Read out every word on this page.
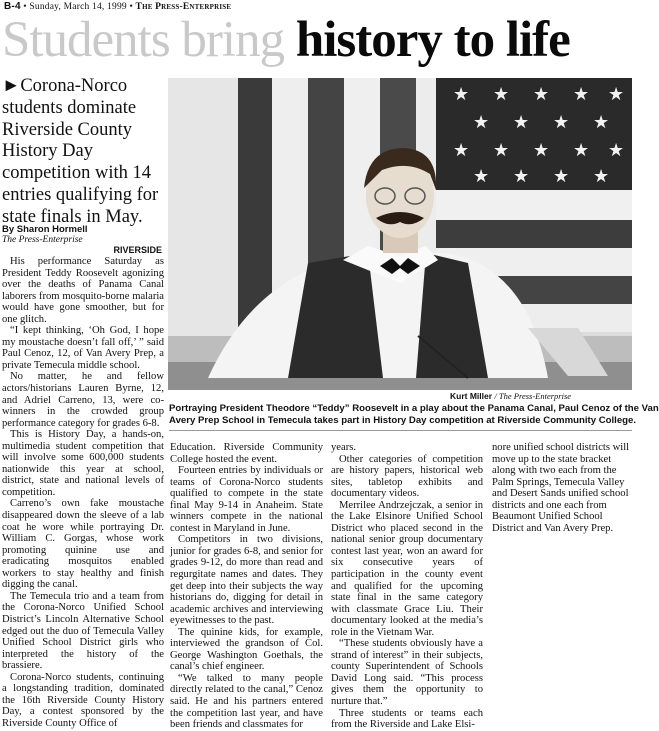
B-4 • Sunday, March 14, 1999 • The Press-Enterprise
Students bring history to life
►Corona-Norco students dominate Riverside County History Day competition with 14 entries qualifying for state finals in May.
By Sharon Hormell
The Press-Enterprise
RIVERSIDE

His performance Saturday as President Teddy Roosevelt agonizing over the deaths of Panama Canal laborers from mosquito-borne malaria would have gone smoother, but for one glitch.

“I kept thinking, ‘Oh God, I hope my moustache doesn’t fall off,’ ” said Paul Cenoz, 12, of Van Avery Prep, a private Temecula middle school.

No matter, he and fellow actors/historians Lauren Byrne, 12, and Adriel Carreno, 13, were co-winners in the crowded group performance category for grades 6-8.

This is History Day, a hands-on, multimedia student competition that will involve some 600,000 students nationwide this year at school, district, state and national levels of competition.

Carreno’s own fake moustache disappeared down the sleeve of a lab coat he wore while portraying Dr. William C. Gorgas, whose work promoting quinine use and eradicating mosquitos enabled workers to stay healthy and finish digging the canal.

The Temecula trio and a team from the Corona-Norco Unified School District’s Lincoln Alternative School edged out the duo of Temecula Valley Unified School District girls who interpreted the history of the brassiere.

Corona-Norco students, continuing a longstanding tradition, dominated the 16th Riverside County History Day, a contest sponsored by the Riverside County Office of

★ ★ ★ ★ ★
★ ★ ★ ★
★ ★ ★ ★ ★
★ ★ ★ ★
Kurt Miller / The Press-Enterprise
Portraying President Theodore “Teddy” Roosevelt in a play about the Panama Canal, Paul Cenoz of the Van
Avery Prep School in Temecula takes part in History Day competition at Riverside Community College.

Education. Riverside Community College hosted the event.

Fourteen entries by individuals or teams of Corona-Norco students qualified to compete in the state final May 9-14 in Anaheim. State winners compete in the national contest in Maryland in June.

Competitors in two divisions, junior for grades 6-8, and senior for grades 9-12, do more than read and regurgitate names and dates. They get deep into their subjects the way historians do, digging for detail in academic archives and interviewing eyewitnesses to the past.

The quinine kids, for example, interviewed the grandson of Col. George Washington Goethals, the canal’s chief engineer.

“We talked to many people directly related to the canal,” Cenoz said. He and his partners entered the competition last year, and have been friends and classmates for

years.

Other categories of competition are history papers, historical web sites, tabletop exhibits and documentary videos.

Merrilee Andrzejczak, a senior in the Lake Elsinore Unified School District who placed second in the national senior group documentary contest last year, won an award for six consecutive years of participation in the county event and qualified for the upcoming state final in the same category with classmate Grace Liu. Their documentary looked at the media’s role in the Vietnam War.

“These students obviously have a strand of interest” in their subjects, county Superintendent of Schools David Long said. “This process gives them the opportunity to nurture that.”

Three students or teams each from the Riverside and Lake Elsi-

nore unified school districts will move up to the state bracket along with two each from the Palm Springs, Temecula Valley and Desert Sands unified school districts and one each from Beaumont Unified School District and Van Avery Prep.
